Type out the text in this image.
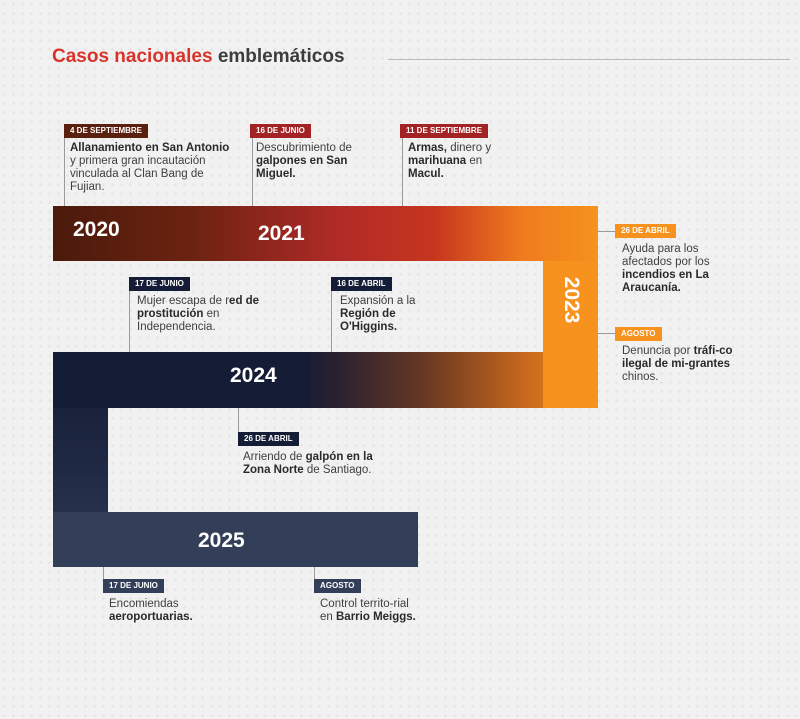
Casos nacionales emblemáticos
2020	2021
2023
2024
2025
4 DE SEPTIEMBRE
Allanamiento en San Antonio y primera gran incautación vinculada al Clan Bang de Fujian.
16 DE JUNIO
Descubrimiento de galpones en San Miguel.
11 DE SEPTIEMBRE
Armas, dinero y marihuana en Macul.
26 DE ABRIL
Ayuda para los afectados por los incendios en La Araucanía.
AGOSTO
Denuncia por tráfi-co ilegal de mi-grantes chinos.
17 DE JUNIO
Mujer escapa de red de prostitución en Independencia.
16 DE ABRIL
Expansión a la Región de O'Higgins.
26 DE ABRIL
Arriendo de galpón en la Zona Norte de Santiago.
17 DE JUNIO
Encomiendas aeroportuarias.
AGOSTO
Control territo-rial en Barrio Meiggs.
